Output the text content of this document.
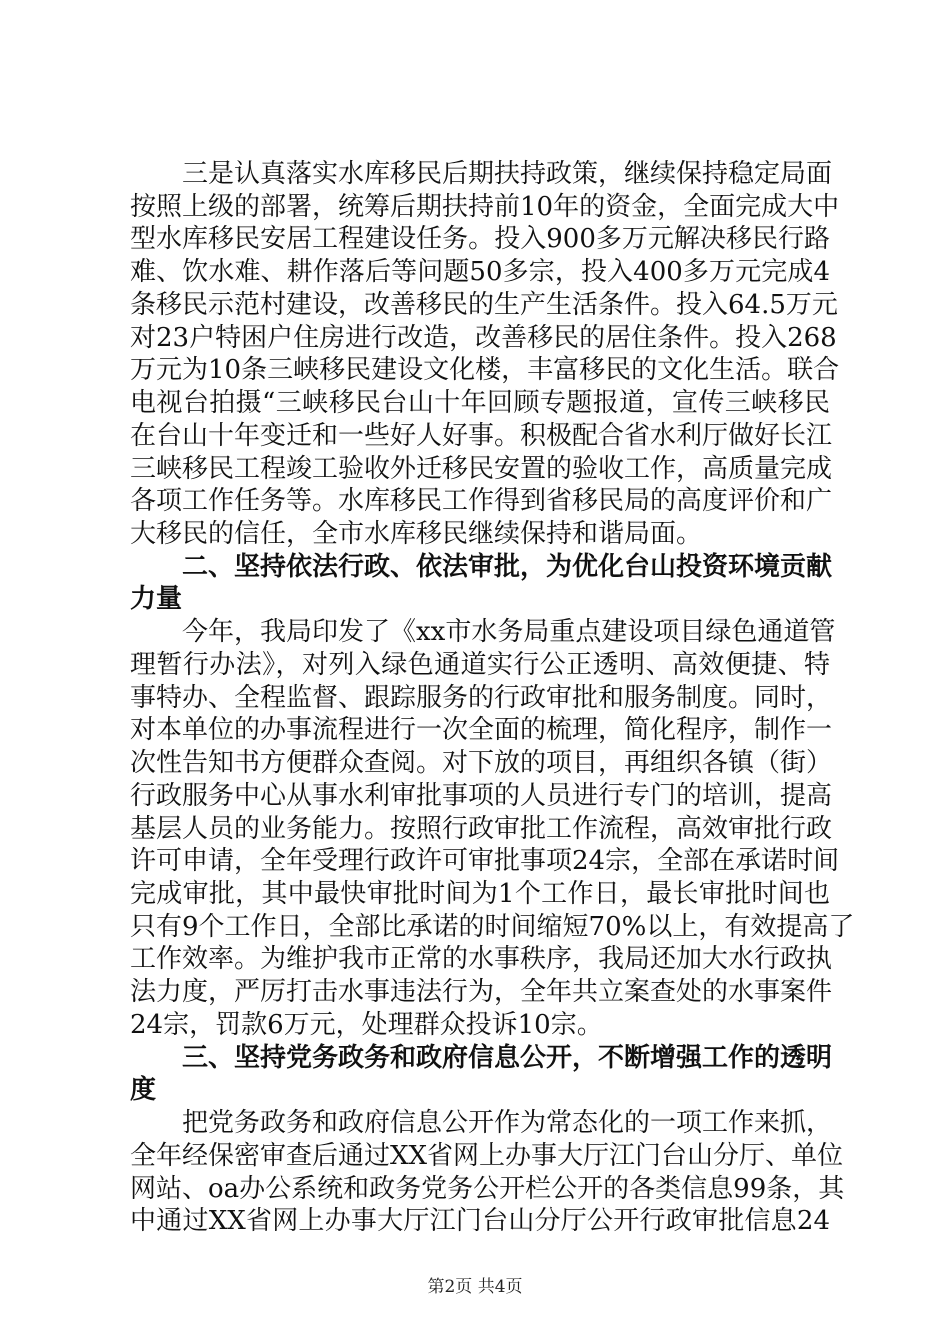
　　三是认真落实水库移民后期扶持政策，继续保持稳定局面
按照上级的部署，统筹后期扶持前10年的资金，全面完成大中
型水库移民安居工程建设任务。投入900多万元解决移民行路
难、饮水难、耕作落后等问题50多宗，投入400多万元完成4
条移民示范村建设，改善移民的生产生活条件。投入64.5万元
对23户特困户住房进行改造，改善移民的居住条件。投入268
万元为10条三峡移民建设文化楼，丰富移民的文化生活。联合
电视台拍摄“三峡移民台山十年回顾专题报道，宣传三峡移民
在台山十年变迁和一些好人好事。积极配合省水利厅做好长江
三峡移民工程竣工验收外迁移民安置的验收工作，高质量完成
各项工作任务等。水库移民工作得到省移民局的高度评价和广
大移民的信任，全市水库移民继续保持和谐局面。
　　二、坚持依法行政、依法审批，为优化台山投资环境贡献
力量
　　今年，我局印发了《xx市水务局重点建设项目绿色通道管
理暂行办法》，对列入绿色通道实行公正透明、高效便捷、特
事特办、全程监督、跟踪服务的行政审批和服务制度。同时，
对本单位的办事流程进行一次全面的梳理，简化程序，制作一
次性告知书方便群众查阅。对下放的项目，再组织各镇（街）
行政服务中心从事水利审批事项的人员进行专门的培训，提高
基层人员的业务能力。按照行政审批工作流程，高效审批行政
许可申请，全年受理行政许可审批事项24宗，全部在承诺时间
完成审批，其中最快审批时间为1个工作日，最长审批时间也
只有9个工作日，全部比承诺的时间缩短70%以上，有效提高了
工作效率。为维护我市正常的水事秩序，我局还加大水行政执
法力度，严厉打击水事违法行为，全年共立案查处的水事案件
24宗，罚款6万元，处理群众投诉10宗。
　　三、坚持党务政务和政府信息公开，不断增强工作的透明
度
　　把党务政务和政府信息公开作为常态化的一项工作来抓，
全年经保密审查后通过XX省网上办事大厅江门台山分厅、单位
网站、oa办公系统和政务党务公开栏公开的各类信息99条，其
中通过XX省网上办事大厅江门台山分厅公开行政审批信息24
第2页 共4页
